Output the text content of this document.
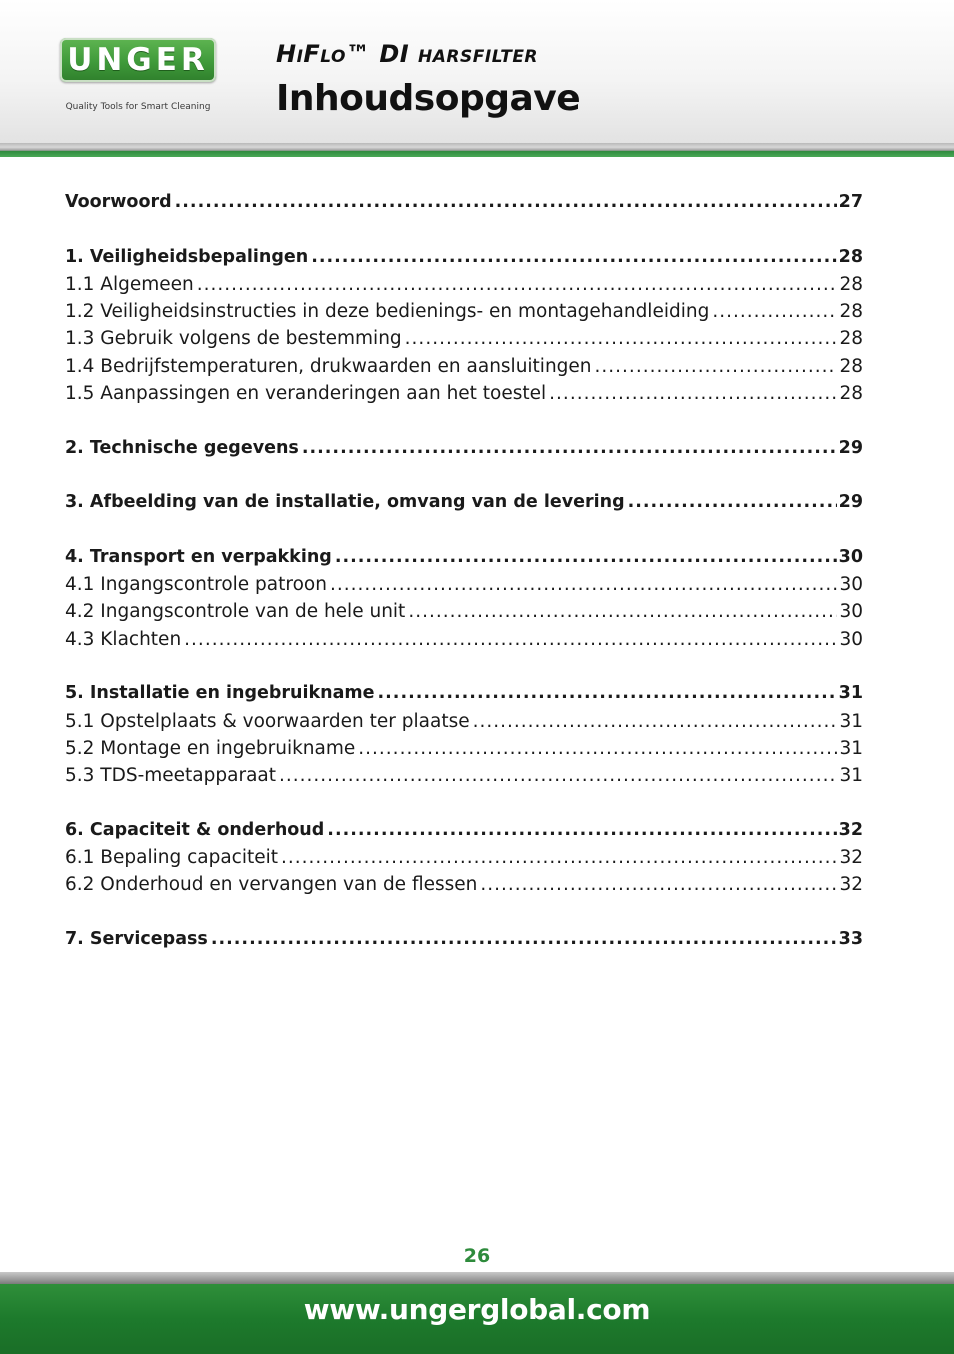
UNGER
Quality Tools for Smart Cleaning
HiFlo™ DI harsfilter
Inhoudsopgave
Voorwoord .....	27
1. Veiligheidsbepalingen .....	28
1.1 Algemeen .....	28
1.2 Veiligheidsinstructies in deze bedienings- en montagehandleiding .....	28
1.3 Gebruik volgens de bestemming .....	28
1.4 Bedrijfstemperaturen, drukwaarden en aansluitingen .....	28
1.5 Aanpassingen en veranderingen aan het toestel .....	28
2. Technische gegevens .....	29
3. Afbeelding van de installatie, omvang van de levering .....	29
4. Transport en verpakking .....	30
4.1 Ingangscontrole patroon .....	30
4.2 Ingangscontrole van de hele unit .....	30
4.3 Klachten .....	30
5. Installatie en ingebruikname .....	31
5.1 Opstelplaats & voorwaarden ter plaatse .....	31
5.2 Montage en ingebruikname .....	31
5.3 TDS-meetapparaat .....	31
6. Capaciteit & onderhoud .....	32
6.1 Bepaling capaciteit .....	32
6.2 Onderhoud en vervangen van de flessen .....	32
7. Servicepass .....	33
26
www.ungerglobal.com
